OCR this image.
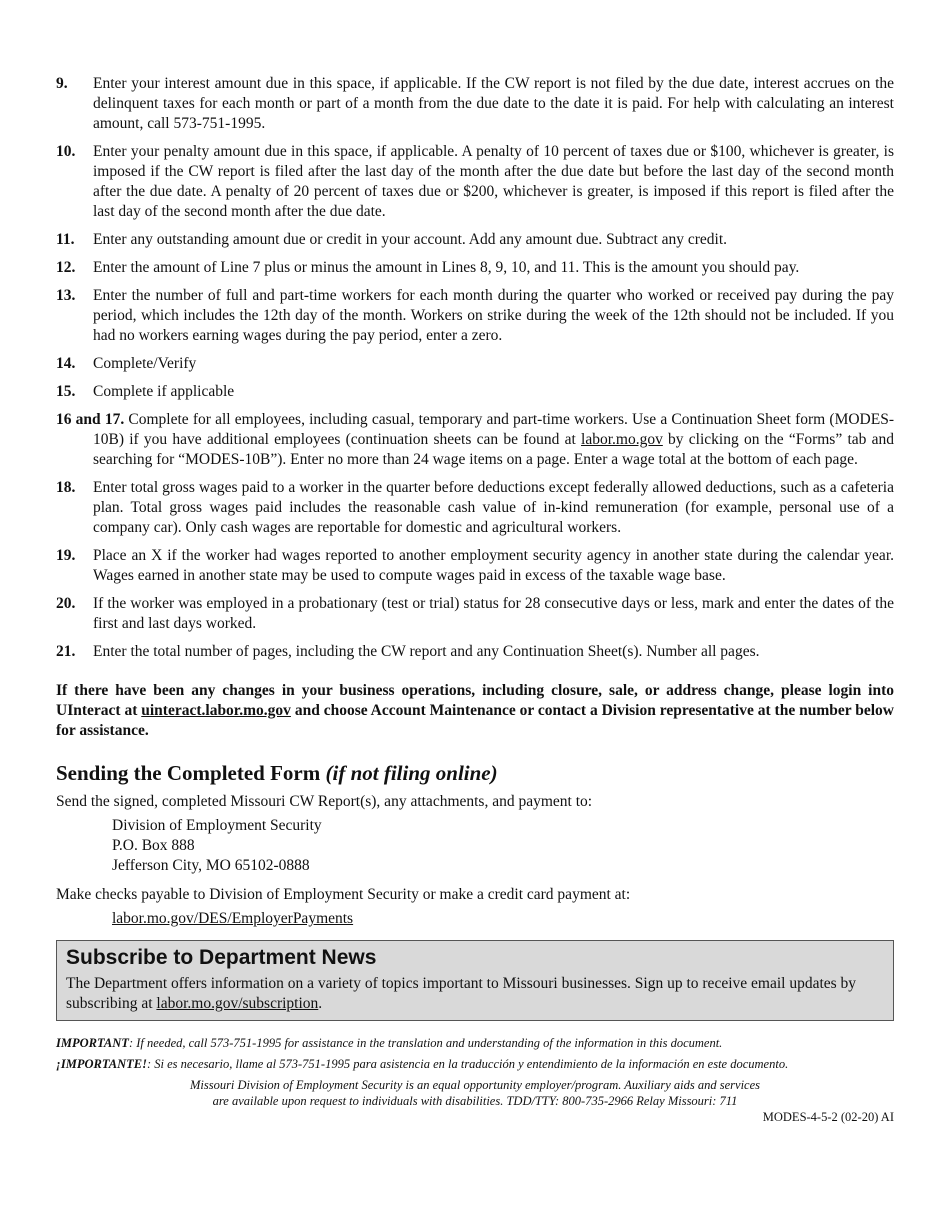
9. Enter your interest amount due in this space, if applicable. If the CW report is not filed by the due date, interest accrues on the delinquent taxes for each month or part of a month from the due date to the date it is paid. For help with calculating an interest amount, call 573-751-1995.
10. Enter your penalty amount due in this space, if applicable. A penalty of 10 percent of taxes due or $100, whichever is greater, is imposed if the CW report is filed after the last day of the month after the due date but before the last day of the second month after the due date. A penalty of 20 percent of taxes due or $200, whichever is greater, is imposed if this report is filed after the last day of the second month after the due date.
11. Enter any outstanding amount due or credit in your account. Add any amount due. Subtract any credit.
12. Enter the amount of Line 7 plus or minus the amount in Lines 8, 9, 10, and 11. This is the amount you should pay.
13. Enter the number of full and part-time workers for each month during the quarter who worked or received pay during the pay period, which includes the 12th day of the month. Workers on strike during the week of the 12th should not be included. If you had no workers earning wages during the pay period, enter a zero.
14. Complete/Verify
15. Complete if applicable
16 and 17. Complete for all employees, including casual, temporary and part-time workers. Use a Continuation Sheet form (MODES-10B) if you have additional employees (continuation sheets can be found at labor.mo.gov by clicking on the “Forms” tab and searching for “MODES-10B”). Enter no more than 24 wage items on a page. Enter a wage total at the bottom of each page.
18. Enter total gross wages paid to a worker in the quarter before deductions except federally allowed deductions, such as a cafeteria plan. Total gross wages paid includes the reasonable cash value of in-kind remuneration (for example, personal use of a company car). Only cash wages are reportable for domestic and agricultural workers.
19. Place an X if the worker had wages reported to another employment security agency in another state during the calendar year. Wages earned in another state may be used to compute wages paid in excess of the taxable wage base.
20. If the worker was employed in a probationary (test or trial) status for 28 consecutive days or less, mark and enter the dates of the first and last days worked.
21. Enter the total number of pages, including the CW report and any Continuation Sheet(s). Number all pages.
If there have been any changes in your business operations, including closure, sale, or address change, please login into UInteract at uinteract.labor.mo.gov and choose Account Maintenance or contact a Division representative at the number below for assistance.
Sending the Completed Form (if not filing online)

Send the signed, completed Missouri CW Report(s), any attachments, and payment to:

Division of Employment Security
P.O. Box 888
Jefferson City, MO 65102-0888

Make checks payable to Division of Employment Security or make a credit card payment at:

labor.mo.gov/DES/EmployerPayments
Subscribe to Department News

The Department offers information on a variety of topics important to Missouri businesses. Sign up to receive email updates by subscribing at labor.mo.gov/subscription.

IMPORTANT: If needed, call 573-751-1995 for assistance in the translation and understanding of the information in this document.
¡IMPORTANTE!: Si es necesario, llame al 573-751-1995 para asistencia en la traducción y entendimiento de la información en este documento.
Missouri Division of Employment Security is an equal opportunity employer/program. Auxiliary aids and services
are available upon request to individuals with disabilities. TDD/TTY: 800-735-2966 Relay Missouri: 711
MODES-4-5-2 (02-20) AI
